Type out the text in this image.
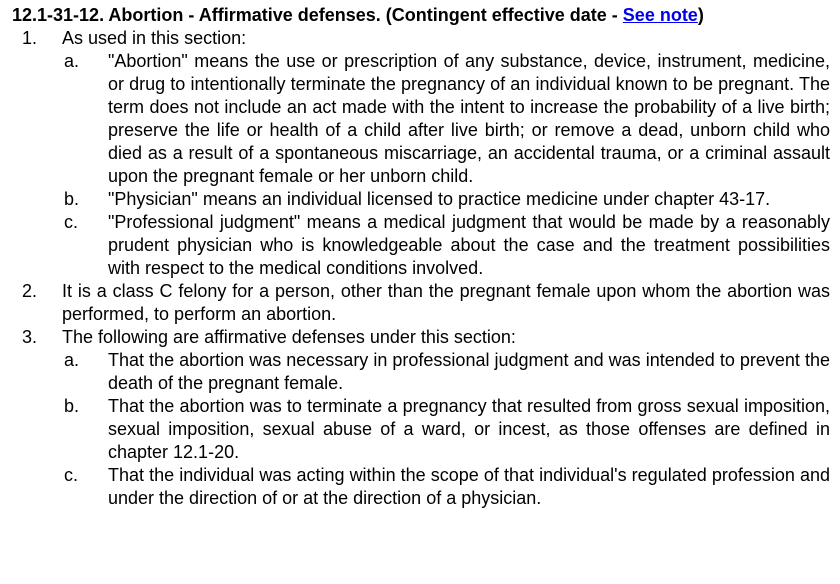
12.1-31-12. Abortion - Affirmative defenses. (Contingent effective date - See note)
1.	As used in this section:
a.	"Abortion" means the use or prescription of any substance, device, instrument, medicine, or drug to intentionally terminate the pregnancy of an individual known to be pregnant. The term does not include an act made with the intent to increase the probability of a live birth; preserve the life or health of a child after live birth; or remove a dead, unborn child who died as a result of a spontaneous miscarriage, an accidental trauma, or a criminal assault upon the pregnant female or her unborn child.
b.	"Physician" means an individual licensed to practice medicine under chapter 43-17.
c.	"Professional judgment" means a medical judgment that would be made by a reasonably prudent physician who is knowledgeable about the case and the treatment possibilities with respect to the medical conditions involved.
2.	It is a class C felony for a person, other than the pregnant female upon whom the abortion was performed, to perform an abortion.
3.	The following are affirmative defenses under this section:
a.	That the abortion was necessary in professional judgment and was intended to prevent the death of the pregnant female.
b.	That the abortion was to terminate a pregnancy that resulted from gross sexual imposition, sexual imposition, sexual abuse of a ward, or incest, as those offenses are defined in chapter 12.1-20.
c.	That the individual was acting within the scope of that individual's regulated profession and under the direction of or at the direction of a physician.
